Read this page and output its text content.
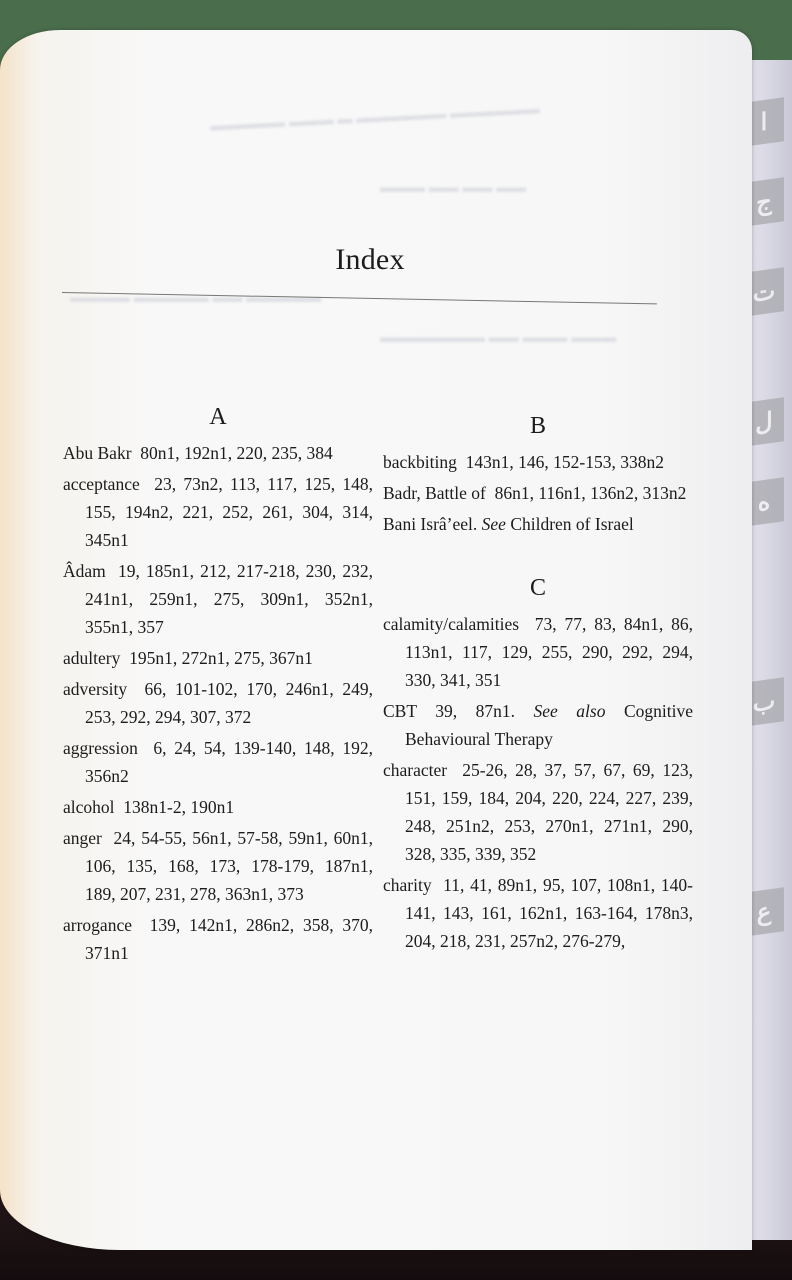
ا
ج
ت
ل
ه
ب
ع
▬▬▬▬▬ ▬▬▬ ▬ ▬▬▬▬▬▬ ▬▬▬▬▬▬
▬▬▬ ▬▬ ▬▬ ▬▬
▬▬▬▬▬▬▬ ▬▬ ▬▬▬ ▬▬▬
▬▬▬▬ ▬▬▬▬▬ ▬▬ ▬▬▬▬▬
Index
A
Abu Bakr 80n1, 192n1, 220, 235, 384
acceptance 23, 73n2, 113, 117, 125, 148, 155, 194n2, 221, 252, 261, 304, 314, 345n1
Âdam 19, 185n1, 212, 217-218, 230, 232, 241n1, 259n1, 275, 309n1, 352n1, 355n1, 357
adultery 195n1, 272n1, 275, 367n1
adversity 66, 101-102, 170, 246n1, 249, 253, 292, 294, 307, 372
aggression 6, 24, 54, 139-140, 148, 192, 356n2
alcohol 138n1-2, 190n1
anger 24, 54-55, 56n1, 57-58, 59n1, 60n1, 106, 135, 168, 173, 178-179, 187n1, 189, 207, 231, 278, 363n1, 373
arrogance 139, 142n1, 286n2, 358, 370, 371n1
B
backbiting 143n1, 146, 152-153, 338n2
Badr, Battle of 86n1, 116n1, 136n2, 313n2
Bani Isrâ’eel. See Children of Israel
C
calamity/calamities 73, 77, 83, 84n1, 86, 113n1, 117, 129, 255, 290, 292, 294, 330, 341, 351
CBT 39, 87n1. See also Cognitive Behavioural Therapy
character 25-26, 28, 37, 57, 67, 69, 123, 151, 159, 184, 204, 220, 224, 227, 239, 248, 251n2, 253, 270n1, 271n1, 290, 328, 335, 339, 352
charity 11, 41, 89n1, 95, 107, 108n1, 140-141, 143, 161, 162n1, 163-164, 178n3, 204, 218, 231, 257n2, 276-279,
